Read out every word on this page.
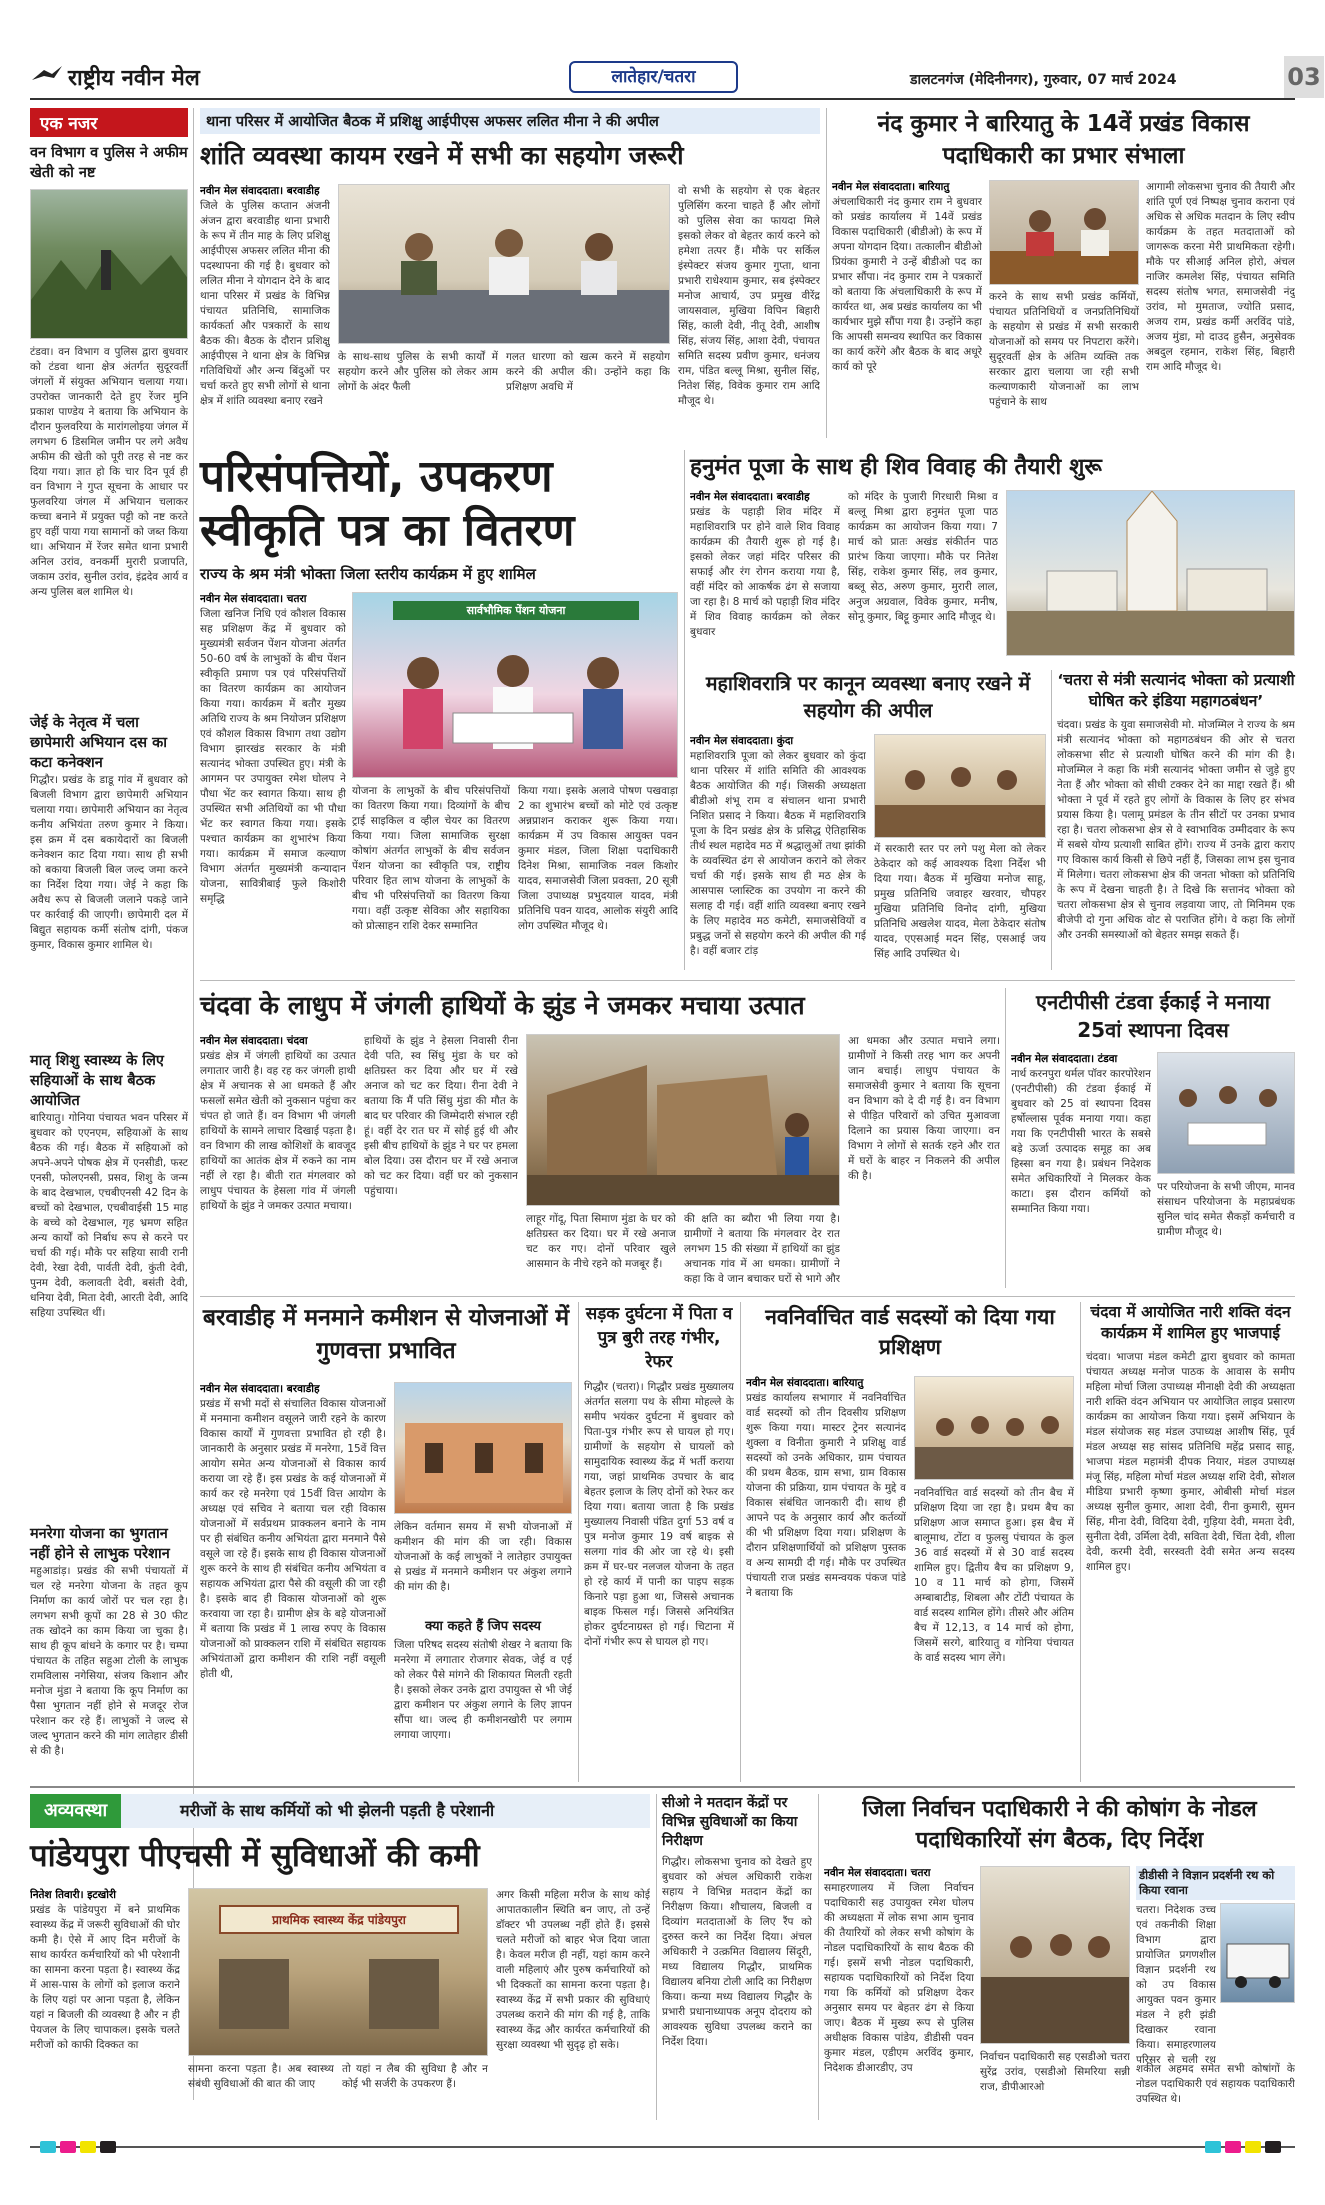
राष्ट्रीय नवीन मेल	लातेहार/चतरा	डालटनगंज (मेदिनीनगर), गुरुवार, 07 मार्च 2024	03
एक नजर
वन विभाग व पुलिस ने अफीम खेती को नष्ट
टंडवा। वन विभाग व पुलिस द्वारा बुधवार को टंडवा थाना क्षेत्र अंतर्गत सुदूरवर्ती जंगलों में संयुक्त अभियान चलाया गया। उपरोक्त जानकारी देते हुए रेंजर मुनि प्रकाश पाण्डेय ने बताया कि अभियान के दौरान फुलवरिया के मारांगलोइया जंगल में लगभग 6 डिसमिल जमीन पर लगे अवैध अफीम की खेती को पूरी तरह से नष्ट कर दिया गया। ज्ञात हो कि चार दिन पूर्व ही वन विभाग ने गुप्त सूचना के आधार पर फुलवरिया जंगल में अभियान चलाकर कच्चा बनाने में प्रयुक्त पट्टी को नष्ट करते हुए वहीं पाया गया सामानों को जब्त किया था। अभियान में रेंजर समेत थाना प्रभारी अनिल उरांव, वनकर्मी मुरारी प्रजापति, जकाम उरांव, सुनील उरांव, इंद्रदेव आर्य व अन्य पुलिस बल शामिल थे।
जेई के नेतृत्व में चला छापेमारी अभियान दस का कटा कनेक्शन
गिद्धौर। प्रखंड के डाडू गांव में बुधवार को बिजली विभाग द्वारा छापेमारी अभियान चलाया गया। छापेमारी अभियान का नेतृत्व कनीय अभियंता तरुण कुमार ने किया। इस क्रम में दस बकायेदारों का बिजली कनेक्शन काट दिया गया। साथ ही सभी को बकाया बिजली बिल जल्द जमा करने का निर्देश दिया गया। जेई ने कहा कि अवैध रूप से बिजली जलाने पकड़े जाने पर कार्रवाई की जाएगी। छापेमारी दल में बिद्युत सहायक कर्मी संतोष दांगी, पंकज कुमार, विकास कुमार शामिल थे।
मातृ शिशु स्वास्थ्य के लिए सहियाओं के साथ बैठक आयोजित
बारियातु। गोनिया पंचायत भवन परिसर में बुधवार को एएनएम, सहियाओं के साथ बैठक की गई। बैठक में सहियाओं को अपने-अपने पोषक क्षेत्र में एनसीडी, फस्ट एनसी, फोलएनसी, प्रसव, शिशु के जन्म के बाद देखभाल, एचबीएनसी 42 दिन के बच्चों को देखभाल, एचबीवाईसी 15 माह के बच्चे को देखभाल, गृह भ्रमण सहित अन्य कार्यों को निर्बाध रूप से करने पर चर्चा की गई। मौके पर सहिया सावी रानी देवी, रेखा देवी, पार्वती देवी, कुंती देवी, पुनम देवी, कलावती देवी, बसंती देवी, धनिया देवी, मिता देवी, आरती देवी, आदि सहिया उपस्थित थीं।
मनरेगा योजना का भुगतान नहीं होने से लाभुक परेशान
महुआडांड़। प्रखंड की सभी पंचायतों में चल रहे मनरेगा योजना के तहत कूप निर्माण का कार्य जोरों पर चल रहा है। लगभग सभी कूपों का 28 से 30 फीट तक खोदने का काम किया जा चुका है। साथ ही कूप बांधने के कगार पर है। चम्पा पंचायत के तहित सहुआ टोली के लाभुक रामविलास नगेसिया, संजय किशान और मनोज मुंडा ने बताया कि कूप निर्माण का पैसा भुगतान नहीं होने से मजदूर रोज परेशान कर रहे हैं। लाभुकों ने जल्द से जल्द भुगतान करने की मांग लातेहार डीसी से की है।
थाना परिसर में आयोजित बैठक में प्रशिक्षु आईपीएस अफसर ललित मीना ने की अपील
शांति व्यवस्था कायम रखने में सभी का सहयोग जरूरी
नवीन मेल संवाददाता। बरवाडीह
जिले के पुलिस कप्तान अंजनी अंजन द्वारा बरवाडीह थाना प्रभारी के रूप में तीन माह के लिए प्रशिक्षु आईपीएस अफसर ललित मीना की पदस्थापना की गई है। बुधवार को ललित मीना ने योगदान देने के बाद थाना परिसर में प्रखंड के विभिन्न पंचायत प्रतिनिधि, सामाजिक कार्यकर्ता और पत्रकारों के साथ बैठक की। बैठक के दौरान प्रशिक्षु आईपीएस ने थाना क्षेत्र के विभिन्न गतिविधियों और अन्य बिंदुओं पर चर्चा करते हुए सभी लोगों से थाना क्षेत्र में शांति व्यवस्था बनाए रखने
के साथ-साथ पुलिस के सभी कार्यों में सहयोग करने और पुलिस को लेकर आम लोगों के अंदर फैली
गलत धारणा को खत्म करने में सहयोग करने की अपील की। उन्होंने कहा कि प्रशिक्षण अवधि में
वो सभी के सहयोग से एक बेहतर पुलिसिंग करना चाहते हैं और लोगों को पुलिस सेवा का फायदा मिले इसको लेकर वो बेहतर कार्य करने को हमेशा तत्पर हैं। मौके पर सर्किल इंस्पेक्टर संजय कुमार गुप्ता, थाना प्रभारी राधेश्याम कुमार, सब इंस्पेक्टर मनोज आचार्य, उप प्रमुख वीरेंद्र जायसवाल, मुखिया विपिन बिहारी सिंह, काली देवी, नीतू देवी, आशीष सिंह, संजय सिंह, आशा देवी, पंचायत समिति सदस्य प्रवीण कुमार, धनंजय राम, पंडित बल्लू मिश्रा, सुनील सिंह, नितेश सिंह, विवेक कुमार राम आदि मौजूद थे।
नंद कुमार ने बारियातु के 14वें प्रखंड विकास पदाधिकारी का प्रभार संभाला
नवीन मेल संवाददाता। बारियातु
अंचलाधिकारी नंद कुमार राम ने बुधवार को प्रखंड कार्यालय में 14वें प्रखंड विकास पदाधिकारी (बीडीओ) के रूप में अपना योगदान दिया। तत्कालीन बीडीओ प्रियंका कुमारी ने उन्हें बीडीओ पद का प्रभार सौंपा। नंद कुमार राम ने पत्रकारों को बताया कि अंचलाधिकारी के रूप में कार्यरत था, अब प्रखंड कार्यालय का भी कार्यभार मुझे सौंपा गया है। उन्होंने कहा कि आपसी समन्वय स्थापित कर विकास का कार्य करेंगे और बैठक के बाद अधूरे कार्य को पूरे
करने के साथ सभी प्रखंड कर्मियों, पंचायत प्रतिनिधियों व जनप्रतिनिधियों के सहयोग से प्रखंड में सभी सरकारी योजनाओं को समय पर निपटारा करेंगे। सुदूरवर्ती क्षेत्र के अंतिम व्यक्ति तक सरकार द्वारा चलाया जा रही सभी कल्याणकारी योजनाओं का लाभ पहुंचाने के साथ
आगामी लोकसभा चुनाव की तैयारी और शांति पूर्ण एवं निष्पक्ष चुनाव कराना एवं अधिक से अधिक मतदान के लिए स्वीप कार्यक्रम के तहत मतदाताओं को जागरूक करना मेरी प्राथमिकता रहेगी। मौके पर सीआई अनिल होरो, अंचल नाजिर कमलेश सिंह, पंचायत समिति सदस्य संतोष भगत, समाजसेवी नंदु उरांव, मो मुमताज, ज्योति प्रसाद, अजय राम, प्रखंड कर्मी अरविंद पांडे, अजय मुंडा, मो दाउद हुसैन, अनुसेवक अबदुल रहमान, राकेश सिंह, बिहारी राम आदि मौजूद थे।
परिसंपत्तियों, उपकरण
स्वीकृति पत्र का वितरण
राज्य के श्रम मंत्री भोक्ता जिला स्तरीय कार्यक्रम में हुए शामिल
नवीन मेल संवाददाता। चतरा
जिला खनिज निधि एवं कौशल विकास सह प्रशिक्षण केंद्र में बुधवार को मुख्यमंत्री सर्वजन पेंशन योजना अंतर्गत 50-60 वर्ष के लाभुकों के बीच पेंशन स्वीकृति प्रमाण पत्र एवं परिसंपत्तियों का वितरण कार्यक्रम का आयोजन किया गया। कार्यक्रम में बतौर मुख्य अतिथि राज्य के श्रम नियोजन प्रशिक्षण एवं कौशल विकास विभाग तथा उद्योग विभाग झारखंड सरकार के मंत्री सत्यानंद भोक्ता उपस्थित हुए। मंत्री के आगमन पर उपायुक्त रमेश घोलप ने पौधा भेंट कर स्वागत किया। साथ ही उपस्थित सभी अतिथियों का भी पौधा भेंट कर स्वागत किया गया। इसके पश्चात कार्यक्रम का शुभारंभ किया गया। कार्यक्रम में समाज कल्याण विभाग अंतर्गत मुख्यमंत्री कन्यादान योजना, सावित्रीबाई फुले किशोरी समृद्धि
सार्वभौमिक पेंशन योजना
योजना के लाभुकों के बीच परिसंपत्तियों का वितरण किया गया। दिव्यांगों के बीच ट्राई साइकिल व व्हील चेयर का वितरण किया गया। जिला सामाजिक सुरक्षा कोषांग अंतर्गत लाभुकों के बीच सर्वजन पेंशन योजना का स्वीकृति पत्र, राष्ट्रीय परिवार हित लाभ योजना के लाभुकों के बीच भी परिसंपत्तियों का वितरण किया गया। वहीं उत्कृष्ट सेविका और सहायिका को प्रोत्साहन राशि देकर सम्मानित
किया गया। इसके अलावे पोषण पखवाड़ा 2 का शुभारंभ बच्चों को मोटे एवं उत्कृष्ट अन्नप्राशन कराकर शुरू किया गया। कार्यक्रम में उप विकास आयुक्त पवन कुमार मंडल, जिला शिक्षा पदाधिकारी दिनेश मिश्रा, सामाजिक नवल किशोर यादव, समाजसेवी जिला प्रवक्ता, 20 सूत्री जिला उपाध्यक्ष प्रभुदयाल यादव, मंत्री प्रतिनिधि पवन यादव, आलोक संयुरी आदि लोग उपस्थित मौजूद थे।
हनुमंत पूजा के साथ ही शिव विवाह की तैयारी शुरू
नवीन मेल संवाददाता। बरवाडीह
प्रखंड के पहाड़ी शिव मंदिर में महाशिवरात्रि पर होने वाले शिव विवाह कार्यक्रम की तैयारी शुरू हो गई है। इसको लेकर जहां मंदिर परिसर की सफाई और रंग रोगन कराया गया है, वहीं मंदिर को आकर्षक ढंग से सजाया जा रहा है। 8 मार्च को पहाड़ी शिव मंदिर में शिव विवाह कार्यक्रम को लेकर बुधवार
को मंदिर के पुजारी गिरधारी मिश्रा व बल्लू मिश्रा द्वारा हनुमंत पूजा पाठ कार्यक्रम का आयोजन किया गया। 7 मार्च को प्रातः अखंड संकीर्तन पाठ प्रारंभ किया जाएगा। मौके पर नितेश सिंह, राकेश कुमार सिंह, लव कुमार, बब्लू सेठ, अरुण कुमार, मुरारी लाल, अनुज अग्रवाल, विवेक कुमार, मनीष, सोनू कुमार, बिट्टू कुमार आदि मौजूद थे।
महाशिवरात्रि पर कानून व्यवस्था बनाए रखने में सहयोग की अपील
नवीन मेल संवाददाता। कुंदा
महाशिवरात्रि पूजा को लेकर बुधवार को कुंदा थाना परिसर में शांति समिति की आवश्यक बैठक आयोजित की गई। जिसकी अध्यक्षता बीडीओ शंभू राम व संचालन थाना प्रभारी निशित प्रसाद ने किया। बैठक में महाशिवरात्रि पूजा के दिन प्रखंड क्षेत्र के प्रसिद्ध ऐतिहासिक तीर्थ स्थल महादेव मठ में श्रद्धालुओं तथा झांकी के व्यवस्थित ढंग से आयोजन कराने को लेकर चर्चा की गई। इसके साथ ही मठ क्षेत्र के आसपास प्लास्टिक का उपयोग ना करने की सलाह दी गई। वहीं शांति व्यवस्था बनाए रखने के लिए महादेव मठ कमेटी, समाजसेवियों व प्रबुद्ध जनों से सहयोग करने की अपील की गई है। वहीं बजार टांड़
में सरकारी स्तर पर लगे पशु मेला को लेकर ठेकेदार को कई आवश्यक दिशा निर्देश भी दिया गया। बैठक में मुखिया मनोज साहू, प्रमुख प्रतिनिधि जवाहर खरवार, चौपहर मुखिया प्रतिनिधि विनोद दांगी, मुखिया प्रतिनिधि अखलेश यादव, मेला ठेकेदार संतोष यादव, एएसआई मदन सिंह, एसआई जय सिंह आदि उपस्थित थे।
‘चतरा से मंत्री सत्यानंद भोक्ता को प्रत्याशी घोषित करे इंडिया महागठबंधन’
चंदवा। प्रखंड के युवा समाजसेवी मो. मोजम्मिल ने राज्य के श्रम मंत्री सत्यानंद भोक्ता को महागठबंधन की ओर से चतरा लोकसभा सीट से प्रत्याशी घोषित करने की मांग की है। मोजम्मिल ने कहा कि मंत्री सत्यानंद भोक्ता जमीन से जुड़े हुए नेता हैं और भोक्ता को सीधी टक्कर देने का माद्दा रखते हैं। श्री भोक्ता ने पूर्व में रहते हुए लोगों के विकास के लिए हर संभव प्रयास किया है। पलामू प्रमंडल के तीन सीटों पर उनका प्रभाव रहा है। चतरा लोकसभा क्षेत्र से वे स्वाभाविक उम्मीदवार के रूप में सबसे योग्य प्रत्याशी साबित होंगे। राज्य में उनके द्वारा कराए गए विकास कार्य किसी से छिपे नहीं हैं, जिसका लाभ इस चुनाव में मिलेगा। चतरा लोकसभा क्षेत्र की जनता भोक्ता को प्रतिनिधि के रूप में देखना चाहती है। ते दिखे कि सत्तानंद भोक्ता को चतरा लोकसभा क्षेत्र से चुनाव लड़वाया जाए, तो मिनिमम एक बीजेपी दो गुना अधिक वोट से पराजित होंगे। वे कहा कि लोगों और उनकी समस्याओं को बेहतर समझ सकते हैं।
चंदवा के लाधुप में जंगली हाथियों के झुंड ने जमकर मचाया उत्पात
नवीन मेल संवाददाता। चंदवा
प्रखंड क्षेत्र में जंगली हाथियों का उत्पात लगातार जारी है। वह रह कर जंगली हाथी क्षेत्र में अचानक से आ धमकते हैं और फसलों समेत खेती को नुकसान पहुंचा कर चंपत हो जाते हैं। वन विभाग भी जंगली हाथियों के सामने लाचार दिखाई पड़ता है। वन विभाग की लाख कोशिशों के बावजूद हाथियों का आतंक क्षेत्र में रुकने का नाम नहीं ले रहा है। बीती रात मंगलवार को लाधुप पंचायत के हेसला गांव में जंगली हाथियों के झुंड ने जमकर उत्पात मचाया।
हाथियों के झुंड ने हेसला निवासी रीना देवी पति, स्व सिंधु मुंडा के घर को क्षतिग्रस्त कर दिया और घर में रखे अनाज को चट कर दिया। रीना देवी ने बताया कि मैं पति सिंधु मुंडा की मौत के बाद घर परिवार की जिम्मेदारी संभाल रही हूं। वहीं देर रात घर में सोई हुई थी और इसी बीच हाथियों के झुंड ने घर पर हमला बोल दिया। उस दौरान घर में रखे अनाज को चट कर दिया। वहीं घर को नुकसान पहुंचाया।
लाहूर गोंदू, पिता सिमाण मुंडा के घर को क्षतिग्रस्त कर दिया। घर में रखे अनाज चट कर गए। दोनों परिवार खुले आसमान के नीचे रहने को मजबूर हैं।
की क्षति का ब्यौरा भी लिया गया है। ग्रामीणों ने बताया कि मंगलवार देर रात लगभग 15 की संख्या में हाथियों का झुंड अचानक गांव में आ धमका। ग्रामीणों ने कहा कि वे जान बचाकर घरों से भागे और
आ धमका और उत्पात मचाने लगा। ग्रामीणों ने किसी तरह भाग कर अपनी जान बचाई। लाधुप पंचायत के समाजसेवी कुमार ने बताया कि सूचना वन विभाग को दे दी गई है। वन विभाग से पीड़ित परिवारों को उचित मुआवजा दिलाने का प्रयास किया जाएगा। वन विभाग ने लोगों से सतर्क रहने और रात में घरों के बाहर न निकलने की अपील की है।
एनटीपीसी टंडवा ईकाई ने मनाया 25वां स्थापना दिवस
नवीन मेल संवाददाता। टंडवा
नार्थ करनपुरा थर्मल पॉवर कारपोरेशन (एनटीपीसी) की टंडवा ईकाई में बुधवार को 25 वां स्थापना दिवस हर्षोल्लास पूर्वक मनाया गया। कहा गया कि एनटीपीसी भारत के सबसे बड़े ऊर्जा उत्पादक समूह का अब हिस्सा बन गया है। प्रबंधन निदेशक समेत अधिकारियों ने मिलकर केक काटा। इस दौरान कर्मियों को सम्मानित किया गया।
पर परियोजना के सभी जीएम, मानव संसाधन परियोजना के महाप्रबंधक सुनिल चांद समेत सैकड़ों कर्मचारी व ग्रामीण मौजूद थे।
बरवाडीह में मनमाने कमीशन से योजनाओं में गुणवत्ता प्रभावित
नवीन मेल संवाददाता। बरवाडीह
प्रखंड में सभी मदों से संचालित विकास योजनाओं में मनमाना कमीशन वसूलने जारी रहने के कारण विकास कार्यों में गुणवत्ता प्रभावित हो रही है। जानकारी के अनुसार प्रखंड में मनरेगा, 15वें वित्त आयोग समेत अन्य योजनाओं से विकास कार्य कराया जा रहे हैं। इस प्रखंड के कई योजनाओं में कार्य कर रहे मनरेगा एवं 15वीं वित्त आयोग के अध्यक्ष एवं सचिव ने बताया चल रही विकास योजनाओं में सर्वप्रथम प्राक्कलन बनाने के नाम पर ही संबंधित कनीय अभियंता द्वारा मनमाने पैसे वसूले जा रहे हैं। इसके साथ ही विकास योजनाओं शुरू करने के साथ ही संबंधित कनीय अभियंता व सहायक अभियंता द्वारा पैसे की वसूली की जा रही है। इसके बाद ही विकास योजनाओं को शुरू करवाया जा रहा है। ग्रामीण क्षेत्र के बड़े योजनाओं में बताया कि प्रखंड में 1 लाख रुपए के विकास योजनाओं को प्राक्कलन राशि में संबंधित सहायक अभियंताओं द्वारा कमीशन की राशि नहीं वसूली होती थी,
लेकिन वर्तमान समय में सभी योजनाओं में कमीशन की मांग की जा रही। विकास योजनाओं के कई लाभुकों ने लातेहार उपायुक्त से प्रखंड में मनमाने कमीशन पर अंकुश लगाने की मांग की है।
क्या कहते हैं जिप सदस्य
जिला परिषद सदस्य संतोषी शेखर ने बताया कि मनरेगा में लगातार रोजगार सेवक, जेई व एई को लेकर पैसे मांगने की शिकायत मिलती रहती है। इसको लेकर उनके द्वारा उपायुक्त से भी जेई द्वारा कमीशन पर अंकुश लगाने के लिए ज्ञापन सौंपा था। जल्द ही कमीशनखोरी पर लगाम लगाया जाएगा।
सड़क दुर्घटना में पिता व पुत्र बुरी तरह गंभीर, रेफर
गिद्धौर (चतरा)। गिद्धौर प्रखंड मुख्यालय अंतर्गत सलगा पथ के सीमा मोहल्ले के समीप भयंकर दुर्घटना में बुधवार को पिता-पुत्र गंभीर रूप से घायल हो गए। ग्रामीणों के सहयोग से घायलों को सामुदायिक स्वास्थ्य केंद्र में भर्ती कराया गया, जहां प्राथमिक उपचार के बाद बेहतर इलाज के लिए दोनों को रेफर कर दिया गया। बताया जाता है कि प्रखंड मुख्यालय निवासी पंडित दुर्गा 53 वर्ष व पुत्र मनोज कुमार 19 वर्ष बाइक से सलगा गांव की ओर जा रहे थे। इसी क्रम में घर-घर नलजल योजना के तहत हो रहे कार्य में पानी का पाइप सड़क किनारे पड़ा हुआ था, जिससे अचानक बाइक फिसल गई। जिससे अनियंत्रित होकर दुर्घटनाग्रस्त हो गई। चिटाना में दोनों गंभीर रूप से घायल हो गए।
नवनिर्वाचित वार्ड सदस्यों को दिया गया प्रशिक्षण
नवीन मेल संवाददाता। बारियातु
प्रखंड कार्यालय सभागार में नवनिर्वाचित वार्ड सदस्यों को तीन दिवसीय प्रशिक्षण शुरू किया गया। मास्टर ट्रेनर सत्यानंद शुक्ला व विनीता कुमारी ने प्रशिक्षु वार्ड सदस्यों को उनके अधिकार, ग्राम पंचायत की प्रथम बैठक, ग्राम सभा, ग्राम विकास योजना की प्रक्रिया, ग्राम पंचायत के मुद्दे व विकास संबंधित जानकारी दी। साथ ही आपने पद के अनुसार कार्य और कर्तव्यों की भी प्रशिक्षण दिया गया। प्रशिक्षण के दौरान प्रशिक्षणार्थियों को प्रशिक्षण पुस्तक व अन्य सामग्री दी गई। मौके पर उपस्थित पंचायती राज प्रखंड समन्वयक पंकज पांडे ने बताया कि
नवनिर्वाचित वार्ड सदस्यों को तीन बैच में प्रशिक्षण दिया जा रहा है। प्रथम बैच का प्रशिक्षण आज समाप्त हुआ। इस बैच में बालूमाथ, टोंटा व फुलसु पंचायत के कुल 36 वार्ड सदस्यों में से 30 वार्ड सदस्य शामिल हुए। द्वितीय बैच का प्रशिक्षण 9, 10 व 11 मार्च को होगा, जिसमें अम्बाबाटीड़, शिबला और टोंटी पंचायत के वार्ड सदस्य शामिल होंगे। तीसरे और अंतिम बैच में 12,13, व 14 मार्च को होगा, जिसमें सरगे, बारियातु व गोनिया पंचायत के वार्ड सदस्य भाग लेंगे।
चंदवा में आयोजित नारी शक्ति वंदन कार्यक्रम में शामिल हुए भाजपाई
चंदवा। भाजपा मंडल कमेटी द्वारा बुधवार को कामता पंचायत अध्यक्ष मनोज पाठक के आवास के समीप महिला मोर्चा जिला उपाध्यक्ष मीनाक्षी देवी की अध्यक्षता नारी शक्ति वंदन अभियान पर आयोजित लाइव प्रसारण कार्यक्रम का आयोजन किया गया। इसमें अभियान के मंडल संयोजक सह मंडल उपाध्यक्ष आशीष सिंह, पूर्व मंडल अध्यक्ष सह सांसद प्रतिनिधि महेंद्र प्रसाद साहू, भाजपा मंडल महामंत्री दीपक नियार, मंडल उपाध्यक्ष मंजू सिंह, महिला मोर्चा मंडल अध्यक्ष शशि देवी, सोशल मीडिया प्रभारी कृष्णा कुमार, ओबीसी मोर्चा मंडल अध्यक्ष सुनील कुमार, आशा देवी, रीना कुमारी, सुमन सिंह, मीना देवी, विदिया देवी, गुड़िया देवी, ममता देवी, सुनीता देवी, उर्मिला देवी, सविता देवी, चिंता देवी, शीला देवी, करमी देवी, सरस्वती देवी समेत अन्य सदस्य शामिल हुए।
अव्यवस्था	मरीजों के साथ कर्मियों को भी झेलनी पड़ती है परेशानी
पांडेयपुरा पीएचसी में सुविधाओं की कमी
नितेश तिवारी। इटखोरी
प्रखंड के पांडेयपुरा में बने प्राथमिक स्वास्थ्य केंद्र में जरूरी सुविधाओं की घोर कमी है। ऐसे में आए दिन मरीजों के साथ कार्यरत कर्मचारियों को भी परेशानी का सामना करना पड़ता है। स्वास्थ्य केंद्र में आस-पास के लोगों को इलाज कराने के लिए यहां पर आना पड़ता है, लेकिन यहां न बिजली की व्यवस्था है और न ही पेयजल के लिए चापाकल। इसके चलते मरीजों को काफी दिक्कत का
प्राथमिक स्वास्थ्य केंद्र पांडेयपुरा
सामना करना पड़ता है। अब स्वास्थ्य संबंधी सुविधाओं की बात की जाए
तो यहां न लैब की सुविधा है और न कोई भी सर्जरी के उपकरण हैं।
अगर किसी महिला मरीज के साथ कोई आपातकालीन स्थिति बन जाए, तो उन्हें डॉक्टर भी उपलब्ध नहीं होते हैं। इससे चलते मरीजों को बाहर भेज दिया जाता है। केवल मरीज ही नहीं, यहां काम करने वाली महिलाएं और पुरुष कर्मचारियों को भी दिक्कतों का सामना करना पड़ता है। स्वास्थ्य केंद्र में सभी प्रकार की सुविधाएं उपलब्ध कराने की मांग की गई है, ताकि स्वास्थ्य केंद्र और कार्यरत कर्मचारियों की सुरक्षा व्यवस्था भी सुदृढ़ हो सके।
सीओ ने मतदान केंद्रों पर विभिन्न सुविधाओं का किया निरीक्षण
गिद्धौर। लोकसभा चुनाव को देखते हुए बुधवार को अंचल अधिकारी राकेश सहाय ने विभिन्न मतदान केंद्रों का निरीक्षण किया। शौचालय, बिजली व दिव्यांग मतदाताओं के लिए रैंप को दुरुस्त करने का निर्देश दिया। अंचल अधिकारी ने उत्क्रमित विद्यालय सिंदूरी, मध्य विद्यालय गिद्धौर, प्राथमिक विद्यालय बनिया टोली आदि का निरीक्षण किया। कन्या मध्य विद्यालय गिद्धौर के प्रभारी प्रधानाध्यापक अनूप दोदराय को आवश्यक सुविधा उपलब्ध कराने का निर्देश दिया।
जिला निर्वाचन पदाधिकारी ने की कोषांग के नोडल पदाधिकारियों संग बैठक, दिए निर्देश
नवीन मेल संवाददाता। चतरा
समाहरणालय में जिला निर्वाचन पदाधिकारी सह उपायुक्त रमेश घोलप की अध्यक्षता में लोक सभा आम चुनाव की तैयारियों को लेकर सभी कोषांग के नोडल पदाधिकारियों के साथ बैठक की गई। इसमें सभी नोडल पदाधिकारी, सहायक पदाधिकारियों को निर्देश दिया गया कि कर्मियों को प्रशिक्षण देकर अनुसार समय पर बेहतर ढंग से किया जाए। बैठक में मुख्य रूप से पुलिस अधीक्षक विकास पांडेय, डीडीसी पवन कुमार मंडल, एडीएम अरविंद कुमार, निदेशक डीआरडीए, उप
निर्वाचन पदाधिकारी सह एसडीओ चतरा सुरेंद्र उरांव, एसडीओ सिमरिया सन्नी राज, डीपीआरओ
डीडीसी ने विज्ञान प्रदर्शनी रथ को किया रवाना
चतरा। निदेशक उच्च एवं तकनीकी शिक्षा विभाग द्वारा प्रायोजित प्रगणशील विज्ञान प्रदर्शनी रथ को उप विकास आयुक्त पवन कुमार मंडल ने हरी झंडी दिखाकर रवाना किया। समाहरणालय परिसर से चली रथ
शकील अहमद समेत सभी कोषांगों के नोडल पदाधिकारी एवं सहायक पदाधिकारी उपस्थित थे।
